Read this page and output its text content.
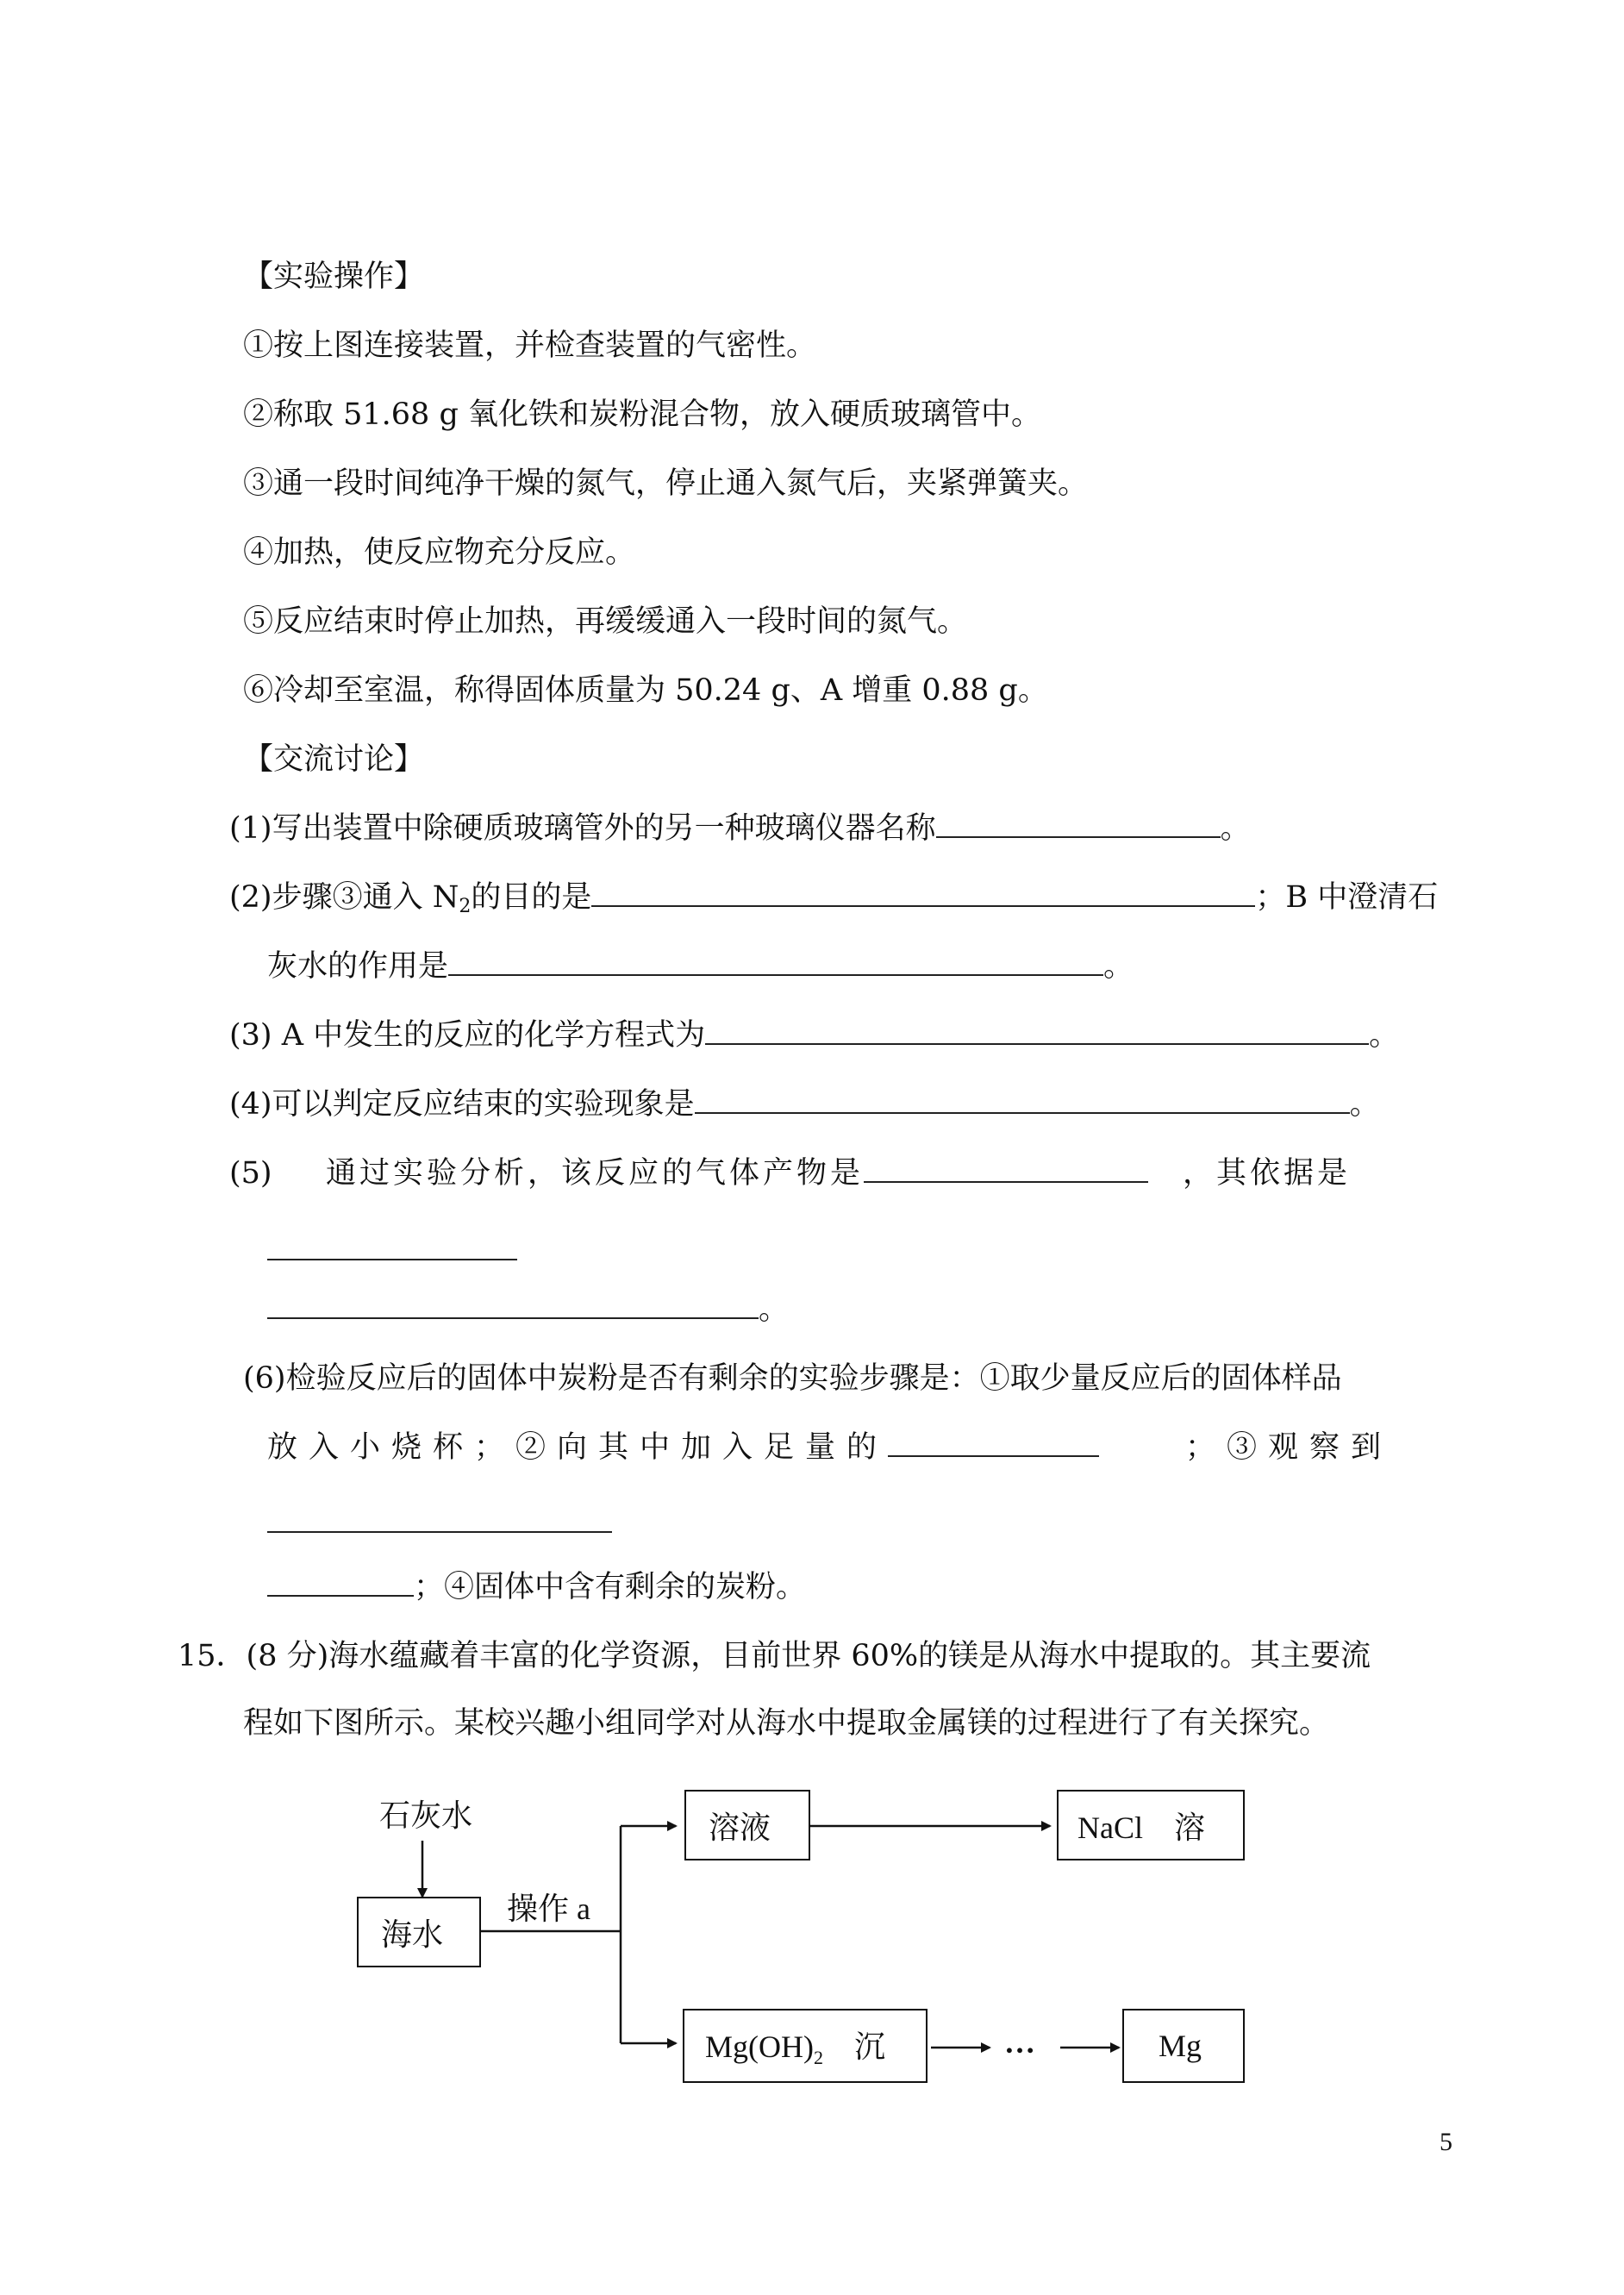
【实验操作】
①按上图连接装置，并检查装置的气密性。
②称取 51.68 g 氧化铁和炭粉混合物，放入硬质玻璃管中。
③通一段时间纯净干燥的氮气，停止通入氮气后，夹紧弹簧夹。
④加热，使反应物充分反应。
⑤反应结束时停止加热，再缓缓通入一段时间的氮气。
⑥冷却至室温，称得固体质量为 50.24 g、A 增重 0.88 g。
【交流讨论】
(1)写出装置中除硬质玻璃管外的另一种玻璃仪器名称	。
(2)步骤③通入 $N_2$的目的是	；B 中澄清石
灰水的作用是	。
(3) A 中发生的反应的化学方程式为	。
(4)可以判定反应结束的实验现象是	。
(5) 通过实验分析，该反应的气体产物是	，其依据是
。
(6)检验反应后的固体中炭粉是否有剩余的实验步骤是：①取少量反应后的固体样品
放入小烧杯；②向其中加入足量的	；③观察到
；④固体中含有剩余的炭粉。
15．(8 分)海水蕴藏着丰富的化学资源，目前世界 60%的镁是从海水中提取的。其主要流
程如下图所示。某校兴趣小组同学对从海水中提取金属镁的过程进行了有关探究。
石灰水
海水
操作 a
溶液	NaCl　溶
$Mg(OH)_2$　沉	…	Mg
5
